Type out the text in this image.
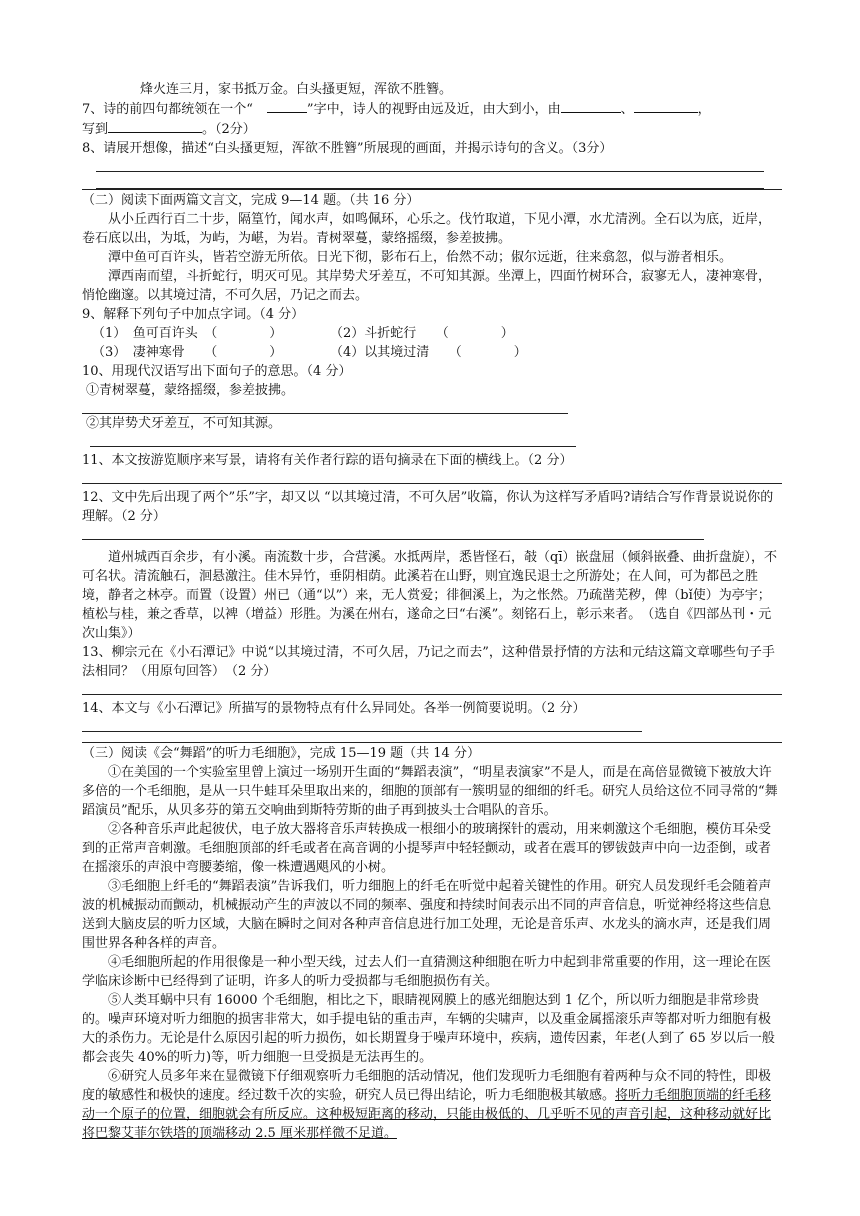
烽火连三月，家书抵万金。白头搔更短，浑欲不胜簪。

7、诗的前四句都统领在一个“	”字中，诗人的视野由远及近，由大到小，由	、	，

写到	。（2分）

8、请展开想像，描述“白头搔更短，浑欲不胜簪”所展现的画面，并揭示诗句的含义。（3分）

（二）阅读下面两篇文言文，完成 9—14 题。（共 16 分）

从小丘西行百二十步，隔篁竹，闻水声，如鸣佩环，心乐之。伐竹取道，下见小潭，水尤清洌。全石以为底，近岸，卷石底以出，为坻，为屿，为嵁，为岩。青树翠蔓，蒙络摇缀，参差披拂。

潭中鱼可百许头，皆若空游无所依。日光下彻，影布石上，佁然不动；俶尔远逝，往来翕忽，似与游者相乐。

潭西南而望，斗折蛇行，明灭可见。其岸势犬牙差互，不可知其源。坐潭上，四面竹树环合，寂寥无人，凄神寒骨，悄怆幽邃。以其境过清，不可久居，乃记之而去。

9、解释下列句子中加点字词。（4 分）

（1）　鱼可百许头　（　　　　）	（2）斗折蛇行　　（　　　　）

（3）　凄神寒骨　　（　　　　）	（4）以其境过清　　（　　　　）

10、用现代汉语写出下面句子的意思。（4 分）

①青树翠蔓，蒙络摇缀，参差披拂。

②其岸势犬牙差互，不可知其源。

11、本文按游览顺序来写景，请将有关作者行踪的语句摘录在下面的横线上。（2 分）

12、文中先后出现了两个”乐”字，却又以 “以其境过清，不可久居”收篇，你认为这样写矛盾吗?请结合写作背景说说你的理解。（2 分）

道州城西百余步，有小溪。南流数十步，合营溪。水抵两岸，悉皆怪石，攲（qī）嵌盘屈（倾斜嵌叠、曲折盘旋），不可名状。清流触石，洄悬激注。佳木异竹，垂阴相荫。此溪若在山野，则宜逸民退士之所游处；在人间，可为都邑之胜境，静者之林亭。而置（设置）州已（通“以”）来，无人赏爱；徘徊溪上，为之怅然。乃疏凿芜秽，俾（bǐ使）为亭宇；植松与桂，兼之香草，以裨（增益）形胜。为溪在州右，遂命之曰“右溪”。刻铭石上，彰示来者。　（选自《四部丛刊・元次山集》）

13、柳宗元在《小石潭记》中说“以其境过清，不可久居，乃记之而去”，这种借景抒情的方法和元结这篇文章哪些句子手法相同？（用原句回答）　（2 分）

14、本文与《小石潭记》所描写的景物特点有什么异同处。各举一例简要说明。（2 分）

（三）阅读《会“舞蹈”的听力毛细胞》，完成 15—19 题（共 14 分）

①在美国的一个实验室里曾上演过一场别开生面的“舞蹈表演”，“明星表演家”不是人，而是在高倍显微镜下被放大许多倍的一个毛细胞，是从一只牛蛙耳朵里取出来的，细胞的顶部有一簇明显的细细的纤毛。研究人员给这位不同寻常的“舞蹈演员”配乐，从贝多芬的第五交响曲到斯特劳斯的曲子再到披头士合唱队的音乐。

②各种音乐声此起彼伏，电子放大器将音乐声转换成一根细小的玻璃探针的震动，用来刺激这个毛细胞，模仿耳朵受到的正常声音刺激。毛细胞顶部的纤毛或者在高音调的小提琴声中轻轻颤动，或者在震耳的锣钹鼓声中向一边歪倒，或者在摇滚乐的声浪中弯腰萎缩，像一株遭遇飓风的小树。

③毛细胞上纤毛的“舞蹈表演”告诉我们，听力细胞上的纤毛在听觉中起着关键性的作用。研究人员发现纤毛会随着声波的机械振动而颤动，机械振动产生的声波以不同的频率、强度和持续时间表示出不同的声音信息，听觉神经将这些信息送到大脑皮层的听力区域，大脑在瞬时之间对各种声音信息进行加工处理，无论是音乐声、水龙头的滴水声，还是我们周围世界各种各样的声音。

④毛细胞所起的作用很像是一种小型天线，过去人们一直猜测这种细胞在听力中起到非常重要的作用，这一理论在医学临床诊断中已经得到了证明，许多人的听力受损都与毛细胞损伤有关。

⑤人类耳蜗中只有 16000 个毛细胞，相比之下，眼睛视网膜上的感光细胞达到 1 亿个，所以听力细胞是非常珍贵的。噪声环境对听力细胞的损害非常大，如手提电钻的重击声，车辆的尖啸声，以及重金属摇滚乐声等都对听力细胞有极大的杀伤力。无论是什么原因引起的听力损伤，如长期置身于噪声环境中，疾病，遗传因素，年老(人到了 65 岁以后一般都会丧失 40%的听力)等，听力细胞一旦受损是无法再生的。

⑥研究人员多年来在显微镜下仔细观察听力毛细胞的活动情况，他们发现听力毛细胞有着两种与众不同的特性，即极度的敏感性和极快的速度。经过数千次的实验，研究人员已得出结论，听力毛细胞极其敏感。将听力毛细胞顶端的纤毛移动一个原子的位置，细胞就会有所反应。这种极短距离的移动，只能由极低的、几乎听不见的声音引起，这种移动就好比将巴黎艾菲尔铁塔的顶端移动 2.5 厘米那样微不足道。
